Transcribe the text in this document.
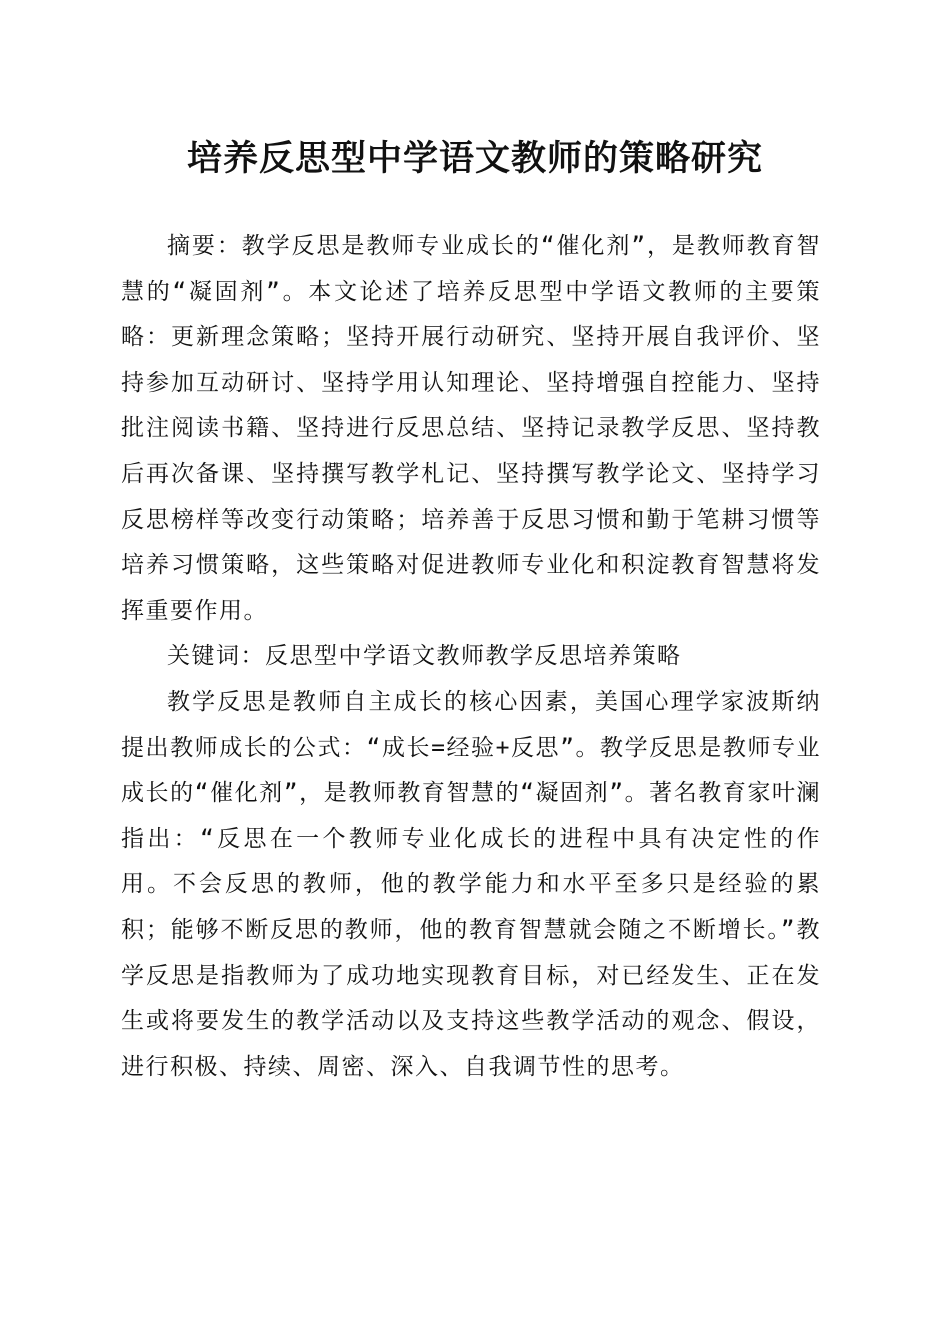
培养反思型中学语文教师的策略研究

摘要：教学反思是教师专业成长的“催化剂”，是教师教育智慧的“凝固剂”。本文论述了培养反思型中学语文教师的主要策略：更新理念策略；坚持开展行动研究、坚持开展自我评价、坚持参加互动研讨、坚持学用认知理论、坚持增强自控能力、坚持批注阅读书籍、坚持进行反思总结、坚持记录教学反思、坚持教后再次备课、坚持撰写教学札记、坚持撰写教学论文、坚持学习反思榜样等改变行动策略；培养善于反思习惯和勤于笔耕习惯等培养习惯策略，这些策略对促进教师专业化和积淀教育智慧将发挥重要作用。

关键词：反思型中学语文教师教学反思培养策略

教学反思是教师自主成长的核心因素，美国心理学家波斯纳提出教师成长的公式：“成长=经验+反思”。教学反思是教师专业成长的“催化剂”，是教师教育智慧的“凝固剂”。著名教育家叶澜指出：“反思在一个教师专业化成长的进程中具有决定性的作用。不会反思的教师，他的教学能力和水平至多只是经验的累积；能够不断反思的教师，他的教育智慧就会随之不断增长。”教学反思是指教师为了成功地实现教育目标，对已经发生、正在发生或将要发生的教学活动以及支持这些教学活动的观念、假设，进行积极、持续、周密、深入、自我调节性的思考。
